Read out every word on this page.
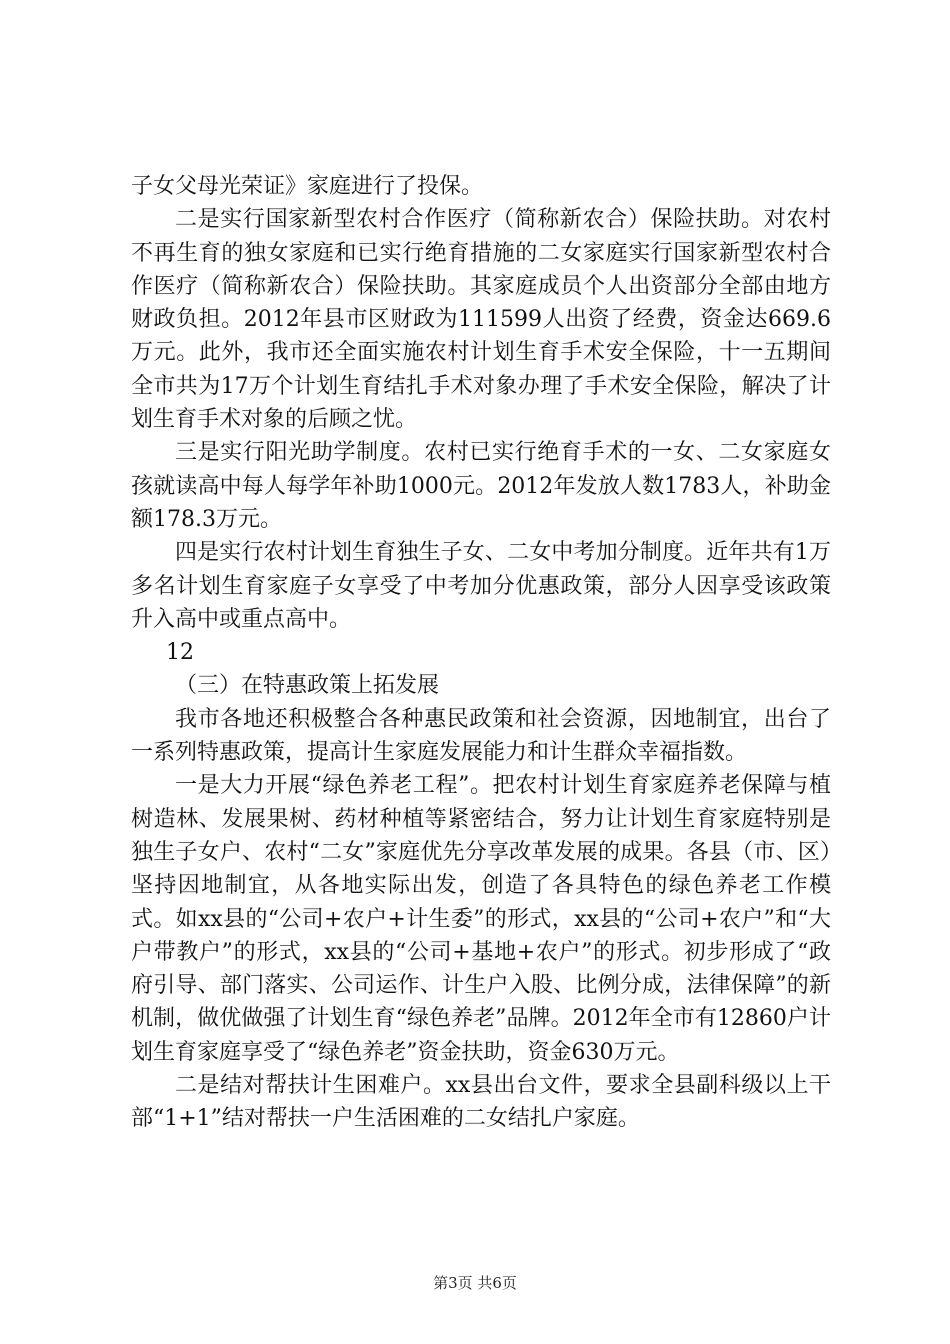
子女父母光荣证》家庭进行了投保。

二是实行国家新型农村合作医疗（简称新农合）保险扶助。对农村不再生育的独女家庭和已实行绝育措施的二女家庭实行国家新型农村合作医疗（简称新农合）保险扶助。其家庭成员个人出资部分全部由地方财政负担。2012年县市区财政为111599人出资了经费，资金达669.6万元。此外，我市还全面实施农村计划生育手术安全保险，十一五期间全市共为17万个计划生育结扎手术对象办理了手术安全保险，解决了计划生育手术对象的后顾之忧。

三是实行阳光助学制度。农村已实行绝育手术的一女、二女家庭女孩就读高中每人每学年补助1000元。2012年发放人数1783人，补助金额178.3万元。

四是实行农村计划生育独生子女、二女中考加分制度。近年共有1万多名计划生育家庭子女享受了中考加分优惠政策，部分人因享受该政策升入高中或重点高中。

12

（三）在特惠政策上拓发展

我市各地还积极整合各种惠民政策和社会资源，因地制宜，出台了一系列特惠政策，提高计生家庭发展能力和计生群众幸福指数。

一是大力开展“绿色养老工程”。把农村计划生育家庭养老保障与植树造林、发展果树、药材种植等紧密结合，努力让计划生育家庭特别是独生子女户、农村“二女”家庭优先分享改革发展的成果。各县（市、区）坚持因地制宜，从各地实际出发，创造了各具特色的绿色养老工作模式。如xx县的“公司+农户+计生委”的形式，xx县的“公司+农户”和“大户带教户”的形式，xx县的“公司+基地+农户”的形式。初步形成了“政府引导、部门落实、公司运作、计生户入股、比例分成，法律保障”的新机制，做优做强了计划生育“绿色养老”品牌。2012年全市有12860户计划生育家庭享受了“绿色养老”资金扶助，资金630万元。

二是结对帮扶计生困难户。xx县出台文件，要求全县副科级以上干部“1+1”结对帮扶一户生活困难的二女结扎户家庭。

第3页 共6页
